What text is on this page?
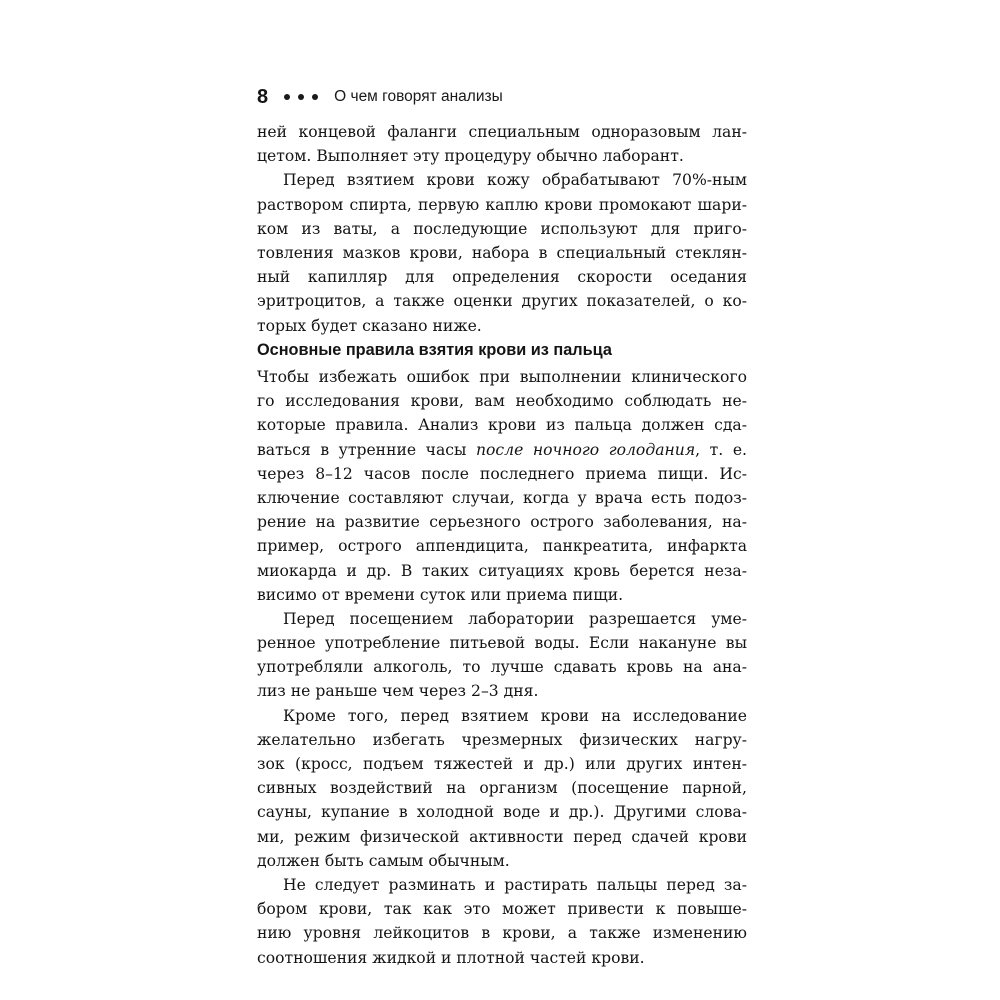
8	О чем говорят анализы
ней концевой фаланги специальным одноразовым лан-
цетом. Выполняет эту процедуру обычно лаборант.
Перед взятием крови кожу обрабатывают 70%-ным
раствором спирта, первую каплю крови промокают шари-
ком из ваты, а последующие используют для приго-
товления мазков крови, набора в специальный стеклян-
ный капилляр для определения скорости оседания
эритроцитов, а также оценки других показателей, о ко-
торых будет сказано ниже.
Основные правила взятия крови из пальца
Чтобы избежать ошибок при выполнении клинического
го исследования крови, вам необходимо соблюдать не-
которые правила. Анализ крови из пальца должен сда-
ваться в утренние часы после ночного голодания, т. е.
через 8–12 часов после последнего приема пищи. Ис-
ключение составляют случаи, когда у врача есть подоз-
рение на развитие серьезного острого заболевания, на-
пример, острого аппендицита, панкреатита, инфаркта
миокарда и др. В таких ситуациях кровь берется неза-
висимо от времени суток или приема пищи.
Перед посещением лаборатории разрешается уме-
ренное употребление питьевой воды. Если накануне вы
употребляли алкоголь, то лучше сдавать кровь на ана-
лиз не раньше чем через 2–3 дня.
Кроме того, перед взятием крови на исследование
желательно избегать чрезмерных физических нагру-
зок (кросс, подъем тяжестей и др.) или других интен-
сивных воздействий на организм (посещение парной,
сауны, купание в холодной воде и др.). Другими слова-
ми, режим физической активности перед сдачей крови
должен быть самым обычным.
Не следует разминать и растирать пальцы перед за-
бором крови, так как это может привести к повыше-
нию уровня лейкоцитов в крови, а также изменению
соотношения жидкой и плотной частей крови.
